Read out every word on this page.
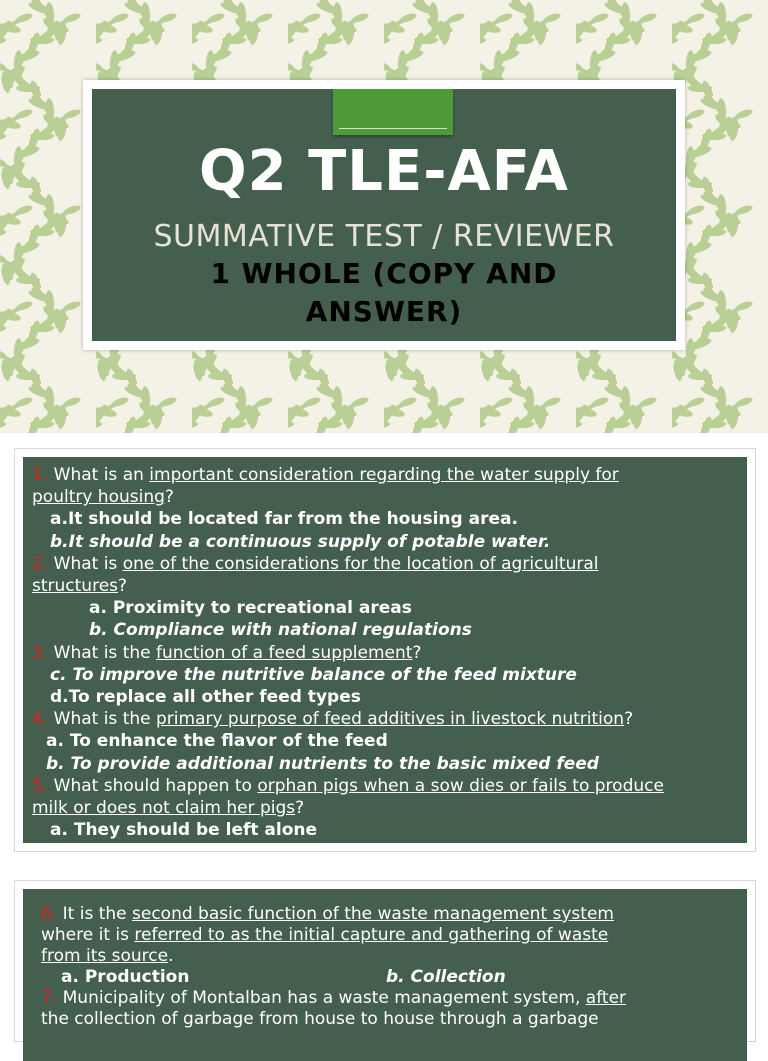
Q2 TLE-AFA
SUMMATIVE TEST / REVIEWER
1 WHOLE (COPY AND
ANSWER)
1. What is an important consideration regarding the water supply for
poultry housing?
a.It should be located far from the housing area.
b.It should be a continuous supply of potable water.
2. What is one of the considerations for the location of agricultural
structures?
a. Proximity to recreational areas
b. Compliance with national regulations
3. What is the function of a feed supplement?
c. To improve the nutritive balance of the feed mixture
d.To replace all other feed types
4. What is the primary purpose of feed additives in livestock nutrition?
a. To enhance the flavor of the feed
b. To provide additional nutrients to the basic mixed feed
5. What should happen to orphan pigs when a sow dies or fails to produce
milk or does not claim her pigs?
a. They should be left alone
6. It is the second basic function of the waste management system
where it is referred to as the initial capture and gathering of waste
from its source.
a. Production	b. Collection
7. Municipality of Montalban has a waste management system, after
the collection of garbage from house to house through a garbage
